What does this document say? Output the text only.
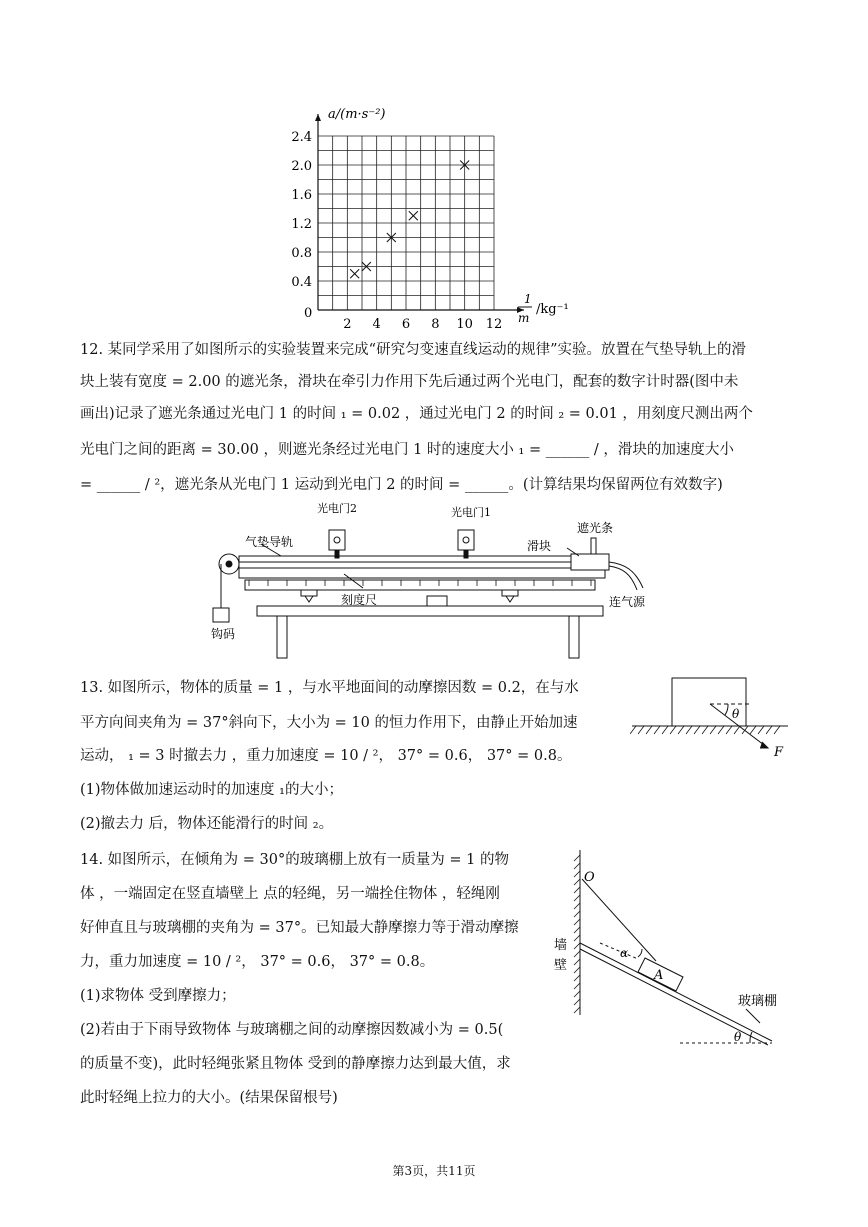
2 4 6 8 10 12
0.4
0.8
1.2
1.6
2.0
2.4
a/(m·s⁻²)
1
m
/kg⁻¹
0
12. 某同学采用了如图所示的实验装置来完成“研究匀变速直线运动的规律”实验。放置在气垫导轨上的滑
块上装有宽度 = 2.00 的遮光条，滑块在牵引力作用下先后通过两个光电门，配套的数字计时器(图中未
画出)记录了遮光条通过光电门 1 的时间 ₁ = 0.02 ，通过光电门 2 的时间 ₂ = 0.01 ，用刻度尺测出两个
光电门之间的距离 = 30.00 ，则遮光条经过光电门 1 时的速度大小 ₁ = ______ / ，滑块的加速度大小
= ______ / ²，遮光条从光电门 1 运动到光电门 2 的时间 = ______。(计算结果均保留两位有效数字)
光电门2	光电门1
气垫导轨	滑块
遮光条
刻度尺
钩码
连气源
13. 如图所示，物体的质量 = 1 ，与水平地面间的动摩擦因数 = 0.2，在与水
平方向间夹角为 = 37°斜向下，大小为 = 10 的恒力作用下，由静止开始加速
运动， ₁ = 3 时撤去力 ，重力加速度 = 10 / ²， 37° = 0.6， 37° = 0.8。
(1)物体做加速运动时的加速度 ₁的大小；
(2)撤去力 后，物体还能滑行的时间 ₂。
θ
F
14. 如图所示，在倾角为 = 30°的玻璃棚上放有一质量为 = 1 的物
体 ，一端固定在竖直墙壁上 点的轻绳，另一端拴住物体 ，轻绳刚
好伸直且与玻璃棚的夹角为 = 37°。已知最大静摩擦力等于滑动摩擦
力，重力加速度 = 10 / ²， 37° = 0.6， 37° = 0.8。
(1)求物体 受到摩擦力；
(2)若由于下雨导致物体 与玻璃棚之间的动摩擦因数减小为 = 0.5(
的质量不变)，此时轻绳张紧且物体 受到的静摩擦力达到最大值，求
此时轻绳上拉力的大小。(结果保留根号)
O
墙
壁
α
A
玻璃棚
θ
第3页，共11页
